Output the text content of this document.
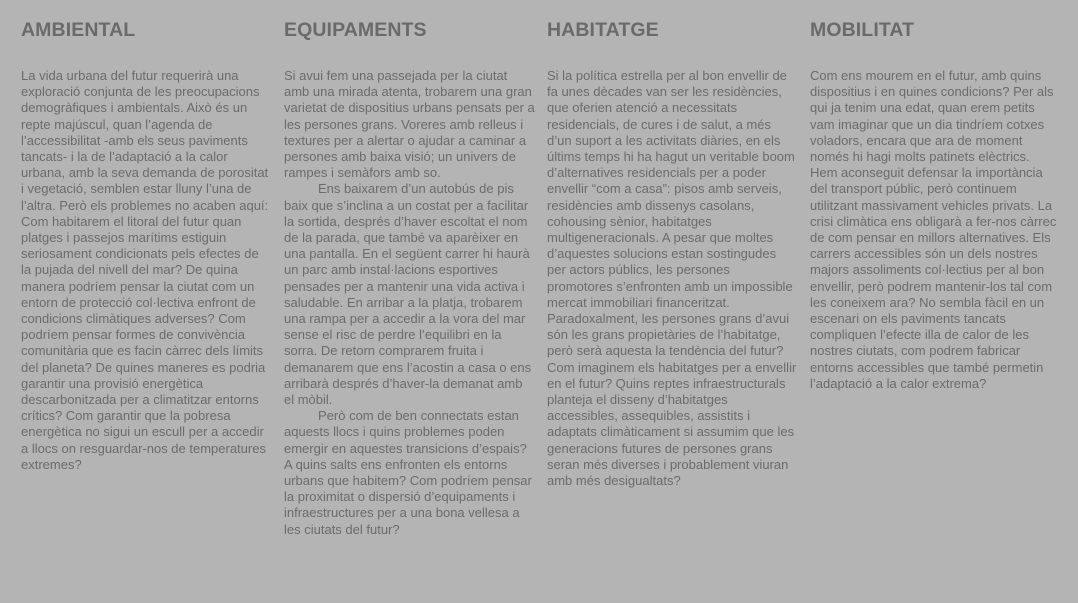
AMBIENTAL

La vida urbana del futur requerirà una exploració conjunta de les preocupacions demogràfiques i ambientals. Això és un repte majúscul, quan l’agenda de l’accessibilitat -amb els seus paviments tancats- i la de l’adaptació a la calor urbana, amb la seva demanda de porositat i vegetació, semblen estar lluny l’una de l’altra. Però els problemes no acaben aquí: Com habitarem el litoral del futur quan platges i passejos marítims estiguin seriosament condicionats pels efectes de la pujada del nivell del mar? De quina manera podríem pensar la ciutat com un entorn de protecció col·lectiva enfront de condicions climàtiques adverses? Com podríem pensar formes de convivència comunitària que es facin càrrec dels límits del planeta? De quines maneres es podria garantir una provisió energètica descarbonitzada per a climatitzar entorns crítics? Com garantir que la pobresa energètica no sigui un escull per a accedir a llocs on resguardar-nos de temperatures extremes?

EQUIPAMENTS

Si avui fem una passejada per la ciutat amb una mirada atenta, trobarem una gran varietat de dispositius urbans pensats per a les persones grans. Voreres amb relleus i textures per a alertar o ajudar a caminar a persones amb baixa visió; un univers de rampes i semàfors amb so.

Ens baixarem d’un autobús de pis baix que s’inclina a un costat per a facilitar la sortida, després d’haver escoltat el nom de la parada, que també va aparèixer en una pantalla. En el següent carrer hi haurà un parc amb instal·lacions esportives pensades per a mantenir una vida activa i saludable. En arribar a la platja, trobarem una rampa per a accedir a la vora del mar sense el risc de perdre l’equilibri en la sorra. De retorn comprarem fruita i demanarem que ens l’acostin a casa o ens arribarà després d’haver-la demanat amb el mòbil.

Però com de ben connectats estan aquests llocs i quins problemes poden emergir en aquestes transicions d’espais? A quins salts ens enfronten els entorns urbans que habitem? Com podríem pensar la proximitat o dispersió d’equipaments i infraestructures per a una bona vellesa a les ciutats del futur?

HABITATGE

Si la política estrella per al bon envellir de fa unes dècades van ser les residències, que oferien atenció a necessitats residencials, de cures i de salut, a més d’un suport a les activitats diàries, en els últims temps hi ha hagut un veritable boom d’alternatives residencials per a poder envellir “com a casa”: pisos amb serveis, residències amb dissenys casolans, cohousing sènior, habitatges multigeneracionals. A pesar que moltes d’aquestes solucions estan sostingudes per actors públics, les persones promotores s’enfronten amb un impossible mercat immobiliari financeritzat. Paradoxalment, les persones grans d’avui són les grans propietàries de l’habitatge, però serà aquesta la tendència del futur? Com imaginem els habitatges per a envellir en el futur? Quins reptes infraestructurals planteja el disseny d’habitatges accessibles, assequibles, assistits i adaptats climàticament si assumim que les generacions futures de persones grans seran més diverses i probablement viuran amb més desigualtats?

MOBILITAT

Com ens mourem en el futur, amb quins dispositius i en quines condicions? Per als qui ja tenim una edat, quan erem petits vam imaginar que un dia tindríem cotxes voladors, encara que ara de moment només hi hagi molts patinets elèctrics. Hem aconseguit defensar la importància del transport públic, però continuem utilitzant massivament vehicles privats. La crisi climàtica ens obligarà a fer-nos càrrec de com pensar en millors alternatives. Els carrers accessibles són un dels nostres majors assoliments col·lectius per al bon envellir, però podrem mantenir-los tal com les coneixem ara? No sembla fàcil en un escenari on els paviments tancats compliquen l’efecte illa de calor de les nostres ciutats, com podrem fabricar entorns accessibles que també permetin l’adaptació a la calor extrema?
